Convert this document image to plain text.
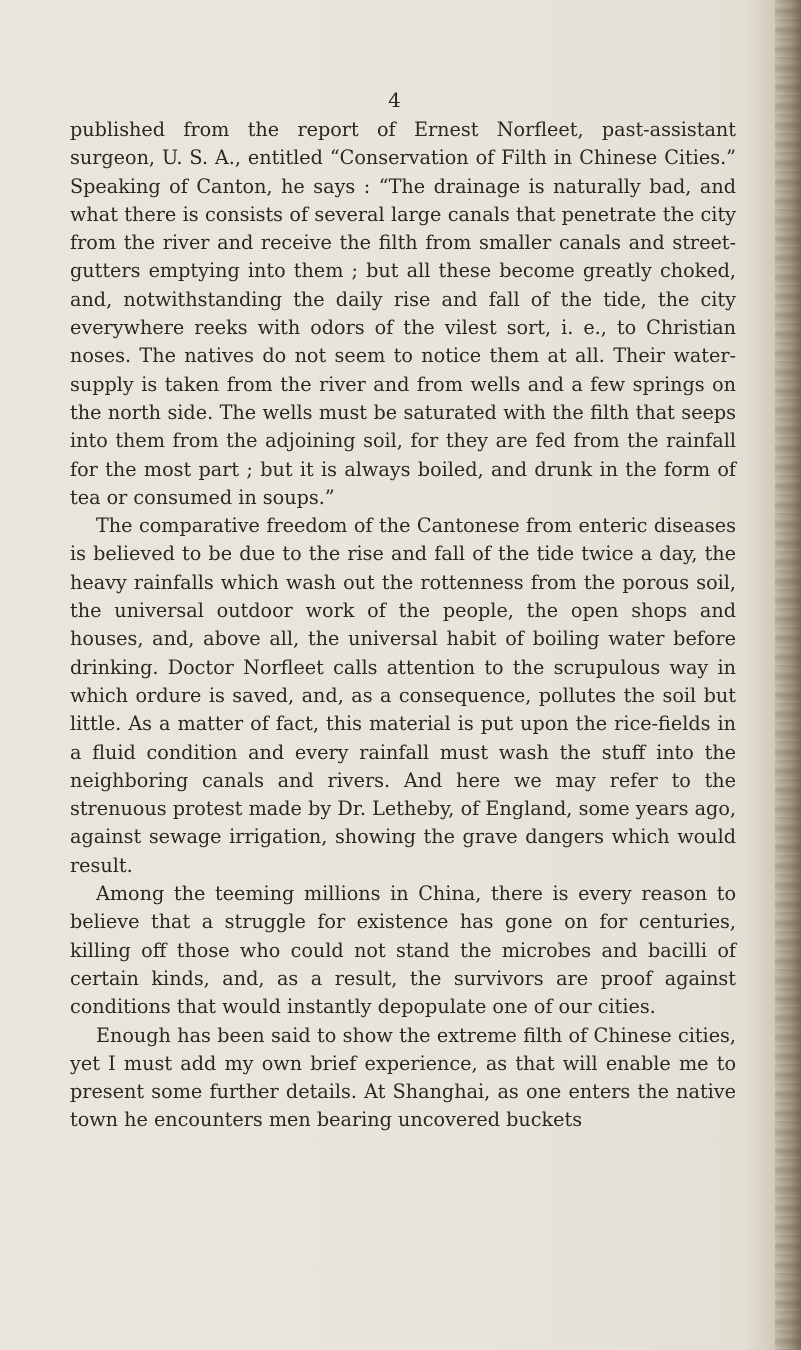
4

published from the report of Ernest Norfleet, past-assistant surgeon, U. S. A., entitled “Conservation of Filth in Chinese Cities.” Speaking of Canton, he says : “The drainage is naturally bad, and what there is consists of several large canals that penetrate the city from the river and receive the filth from smaller canals and street-gutters emptying into them ; but all these become greatly choked, and, notwithstanding the daily rise and fall of the tide, the city everywhere reeks with odors of the vilest sort, i. e., to Christian noses. The natives do not seem to notice them at all. Their water-supply is taken from the river and from wells and a few springs on the north side. The wells must be saturated with the filth that seeps into them from the adjoining soil, for they are fed from the rainfall for the most part ; but it is always boiled, and drunk in the form of tea or consumed in soups.”

The comparative freedom of the Cantonese from enteric diseases is believed to be due to the rise and fall of the tide twice a day, the heavy rainfalls which wash out the rottenness from the porous soil, the universal outdoor work of the people, the open shops and houses, and, above all, the universal habit of boiling water before drinking. Doctor Norfleet calls attention to the scrupulous way in which ordure is saved, and, as a consequence, pollutes the soil but little. As a matter of fact, this material is put upon the rice-fields in a fluid condition and every rainfall must wash the stuff into the neighboring canals and rivers. And here we may refer to the strenuous protest made by Dr. Letheby, of England, some years ago, against sewage irrigation, showing the grave dangers which would result.

Among the teeming millions in China, there is every reason to believe that a struggle for existence has gone on for centuries, killing off those who could not stand the microbes and bacilli of certain kinds, and, as a result, the survivors are proof against conditions that would instantly depopulate one of our cities.

Enough has been said to show the extreme filth of Chinese cities, yet I must add my own brief experience, as that will enable me to present some further details. At Shanghai, as one enters the native town he encounters men bearing uncovered buckets
